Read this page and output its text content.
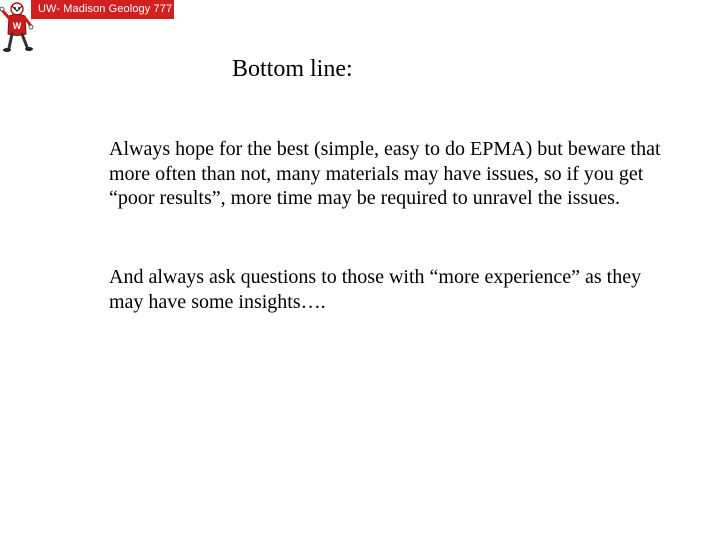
W
UW- Madison Geology 777
Bottom line:
Always hope for the best (simple, easy to do EPMA) but beware that more often than not, many materials may have issues, so if you get “poor results”, more time may be required to unravel the issues.
And always ask questions to those with “more experience” as they may have some insights….
